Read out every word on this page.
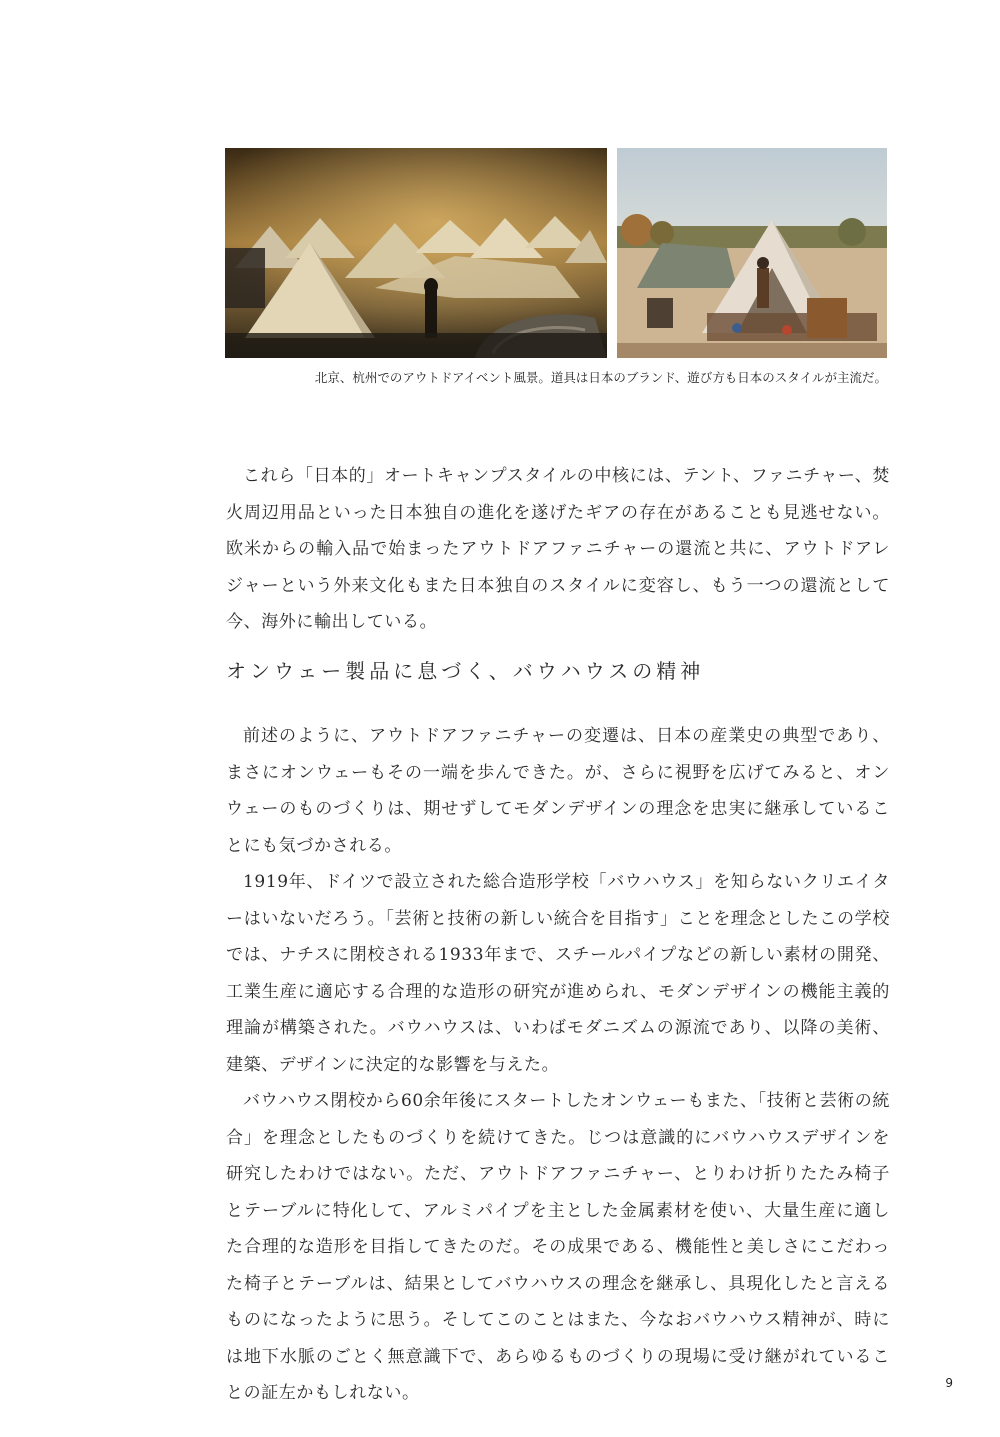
北京、杭州でのアウトドアイベント風景。道具は日本のブランド、遊び方も日本のスタイルが主流だ。

これら「日本的」オートキャンプスタイルの中核には、テント、ファニチャー、焚火周辺用品といった日本独自の進化を遂げたギアの存在があることも見逃せない。欧米からの輸入品で始まったアウトドアファニチャーの還流と共に、アウトドアレジャーという外来文化もまた日本独自のスタイルに変容し、もう一つの還流として今、海外に輸出している。

オンウェー製品に息づく、バウハウスの精神

前述のように、アウトドアファニチャーの変遷は、日本の産業史の典型であり、まさにオンウェーもその一端を歩んできた。が、さらに視野を広げてみると、オンウェーのものづくりは、期せずしてモダンデザインの理念を忠実に継承していることにも気づかされる。

1919年、ドイツで設立された総合造形学校「バウハウス」を知らないクリエイターはいないだろう。「芸術と技術の新しい統合を目指す」ことを理念としたこの学校では、ナチスに閉校される1933年まで、スチールパイプなどの新しい素材の開発、工業生産に適応する合理的な造形の研究が進められ、モダンデザインの機能主義的理論が構築された。バウハウスは、いわばモダニズムの源流であり、以降の美術、建築、デザインに決定的な影響を与えた。

バウハウス閉校から60余年後にスタートしたオンウェーもまた、「技術と芸術の統合」を理念としたものづくりを続けてきた。じつは意識的にバウハウスデザインを研究したわけではない。ただ、アウトドアファニチャー、とりわけ折りたたみ椅子とテーブルに特化して、アルミパイプを主とした金属素材を使い、大量生産に適した合理的な造形を目指してきたのだ。その成果である、機能性と美しさにこだわった椅子とテーブルは、結果としてバウハウスの理念を継承し、具現化したと言えるものになったように思う。そしてこのことはまた、今なおバウハウス精神が、時には地下水脈のごとく無意識下で、あらゆるものづくりの現場に受け継がれていることの証左かもしれない。	9
